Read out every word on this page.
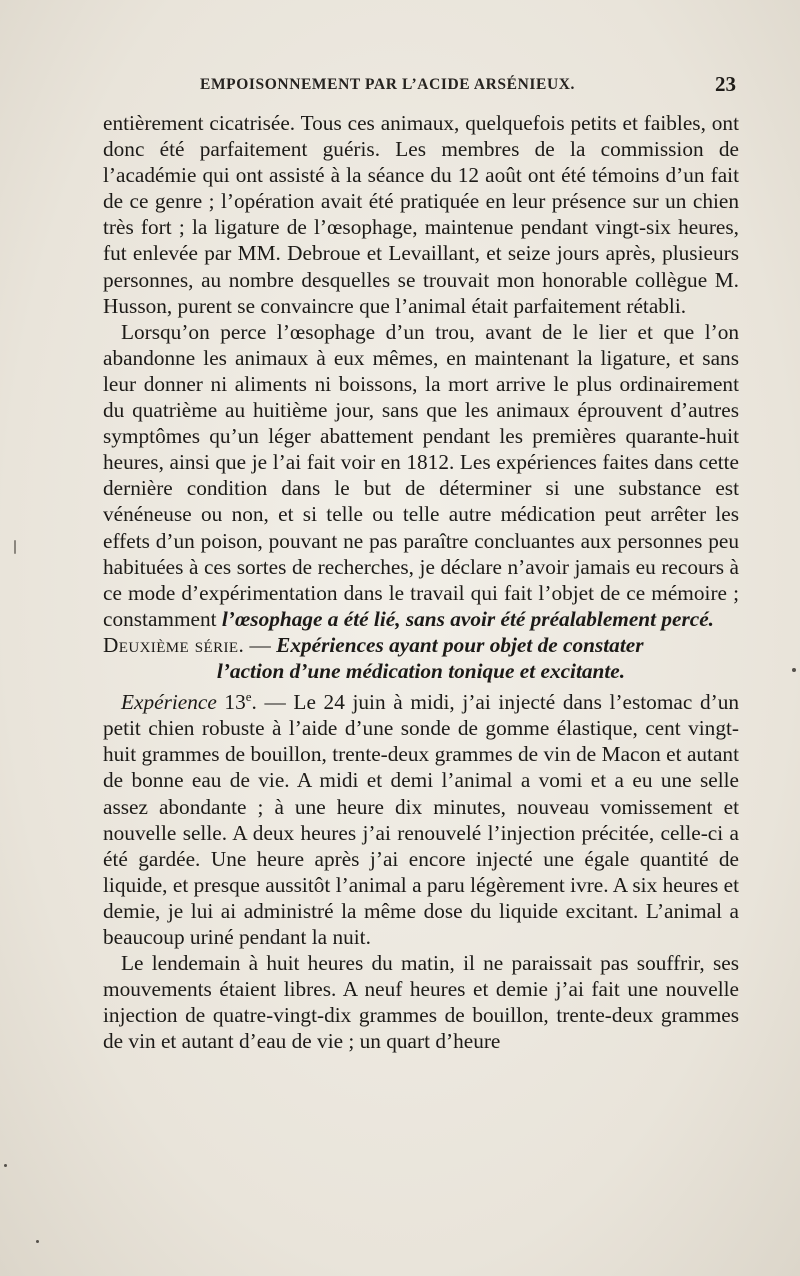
EMPOISONNEMENT PAR L’ACIDE ARSÉNIEUX.	23

entièrement cicatrisée. Tous ces animaux, quelquefois petits et faibles, ont donc été parfaitement guéris. Les membres de la commission de l’académie qui ont assisté à la séance du 12 août ont été témoins d’un fait de ce genre ; l’opération avait été pratiquée en leur présence sur un chien très fort ; la ligature de l’œsophage, maintenue pendant vingt-six heures, fut enlevée par MM. Debroue et Levaillant, et seize jours après, plusieurs personnes, au nombre desquelles se trouvait mon honorable collègue M. Husson, purent se convaincre que l’animal était parfaitement rétabli.

Lorsqu’on perce l’œsophage d’un trou, avant de le lier et que l’on abandonne les animaux à eux mêmes, en maintenant la ligature, et sans leur donner ni aliments ni boissons, la mort arrive le plus ordinairement du quatrième au huitième jour, sans que les animaux éprouvent d’autres symptômes qu’un léger abattement pendant les premières quarante-huit heures, ainsi que je l’ai fait voir en 1812. Les expériences faites dans cette dernière condition dans le but de déterminer si une substance est vénéneuse ou non, et si telle ou telle autre médication peut arrêter les effets d’un poison, pouvant ne pas paraître concluantes aux personnes peu habituées à ces sortes de recherches, je déclare n’avoir jamais eu recours à ce mode d’expérimentation dans le travail qui fait l’objet de ce mémoire ; constamment l’œsophage a été lié, sans avoir été préalablement percé.

Deuxième série. — Expériences ayant pour objet de constater
l’action d’une médication tonique et excitante.

Expérience 13e. — Le 24 juin à midi, j’ai injecté dans l’estomac d’un petit chien robuste à l’aide d’une sonde de gomme élastique, cent vingt-huit grammes de bouillon, trente-deux grammes de vin de Macon et autant de bonne eau de vie. A midi et demi l’animal a vomi et a eu une selle assez abondante ; à une heure dix minutes, nouveau vomissement et nouvelle selle. A deux heures j’ai renouvelé l’injection précitée, celle-ci a été gardée. Une heure après j’ai encore injecté une égale quantité de liquide, et presque aussitôt l’animal a paru légèrement ivre. A six heures et demie, je lui ai administré la même dose du liquide excitant. L’animal a beaucoup uriné pendant la nuit.

Le lendemain à huit heures du matin, il ne paraissait pas souffrir, ses mouvements étaient libres. A neuf heures et demie j’ai fait une nouvelle injection de quatre-vingt-dix grammes de bouillon, trente-deux grammes de vin et autant d’eau de vie ; un quart d’heure
